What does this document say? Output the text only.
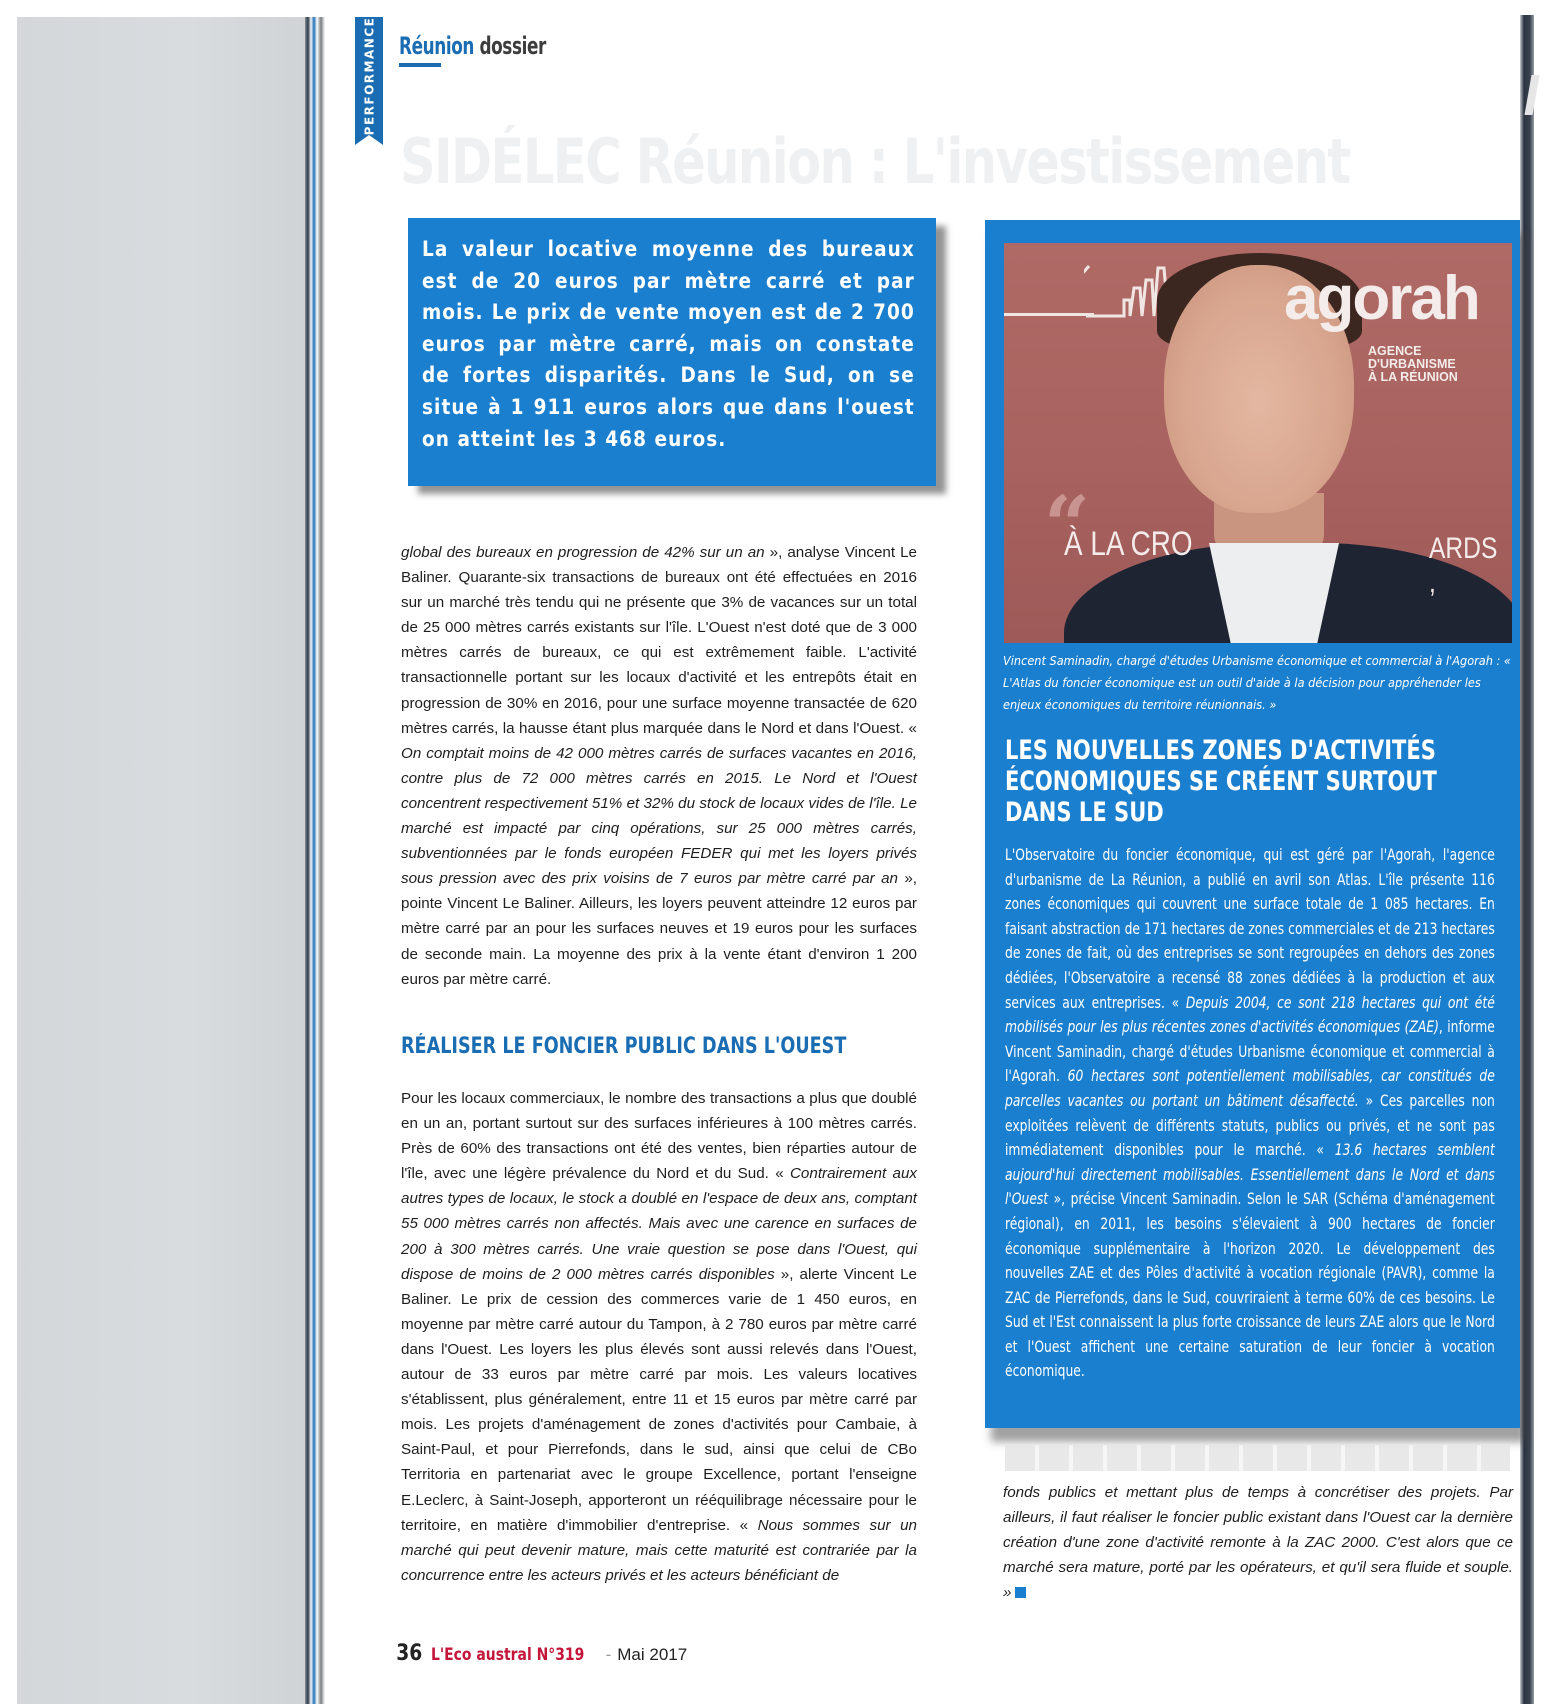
PERFORMANCE Réunion dossier
SIDÉLEC Réunion : L'investissement

La valeur locative moyenne des bureaux est de 20 euros par mètre carré et par mois. Le prix de vente moyen est de 2 700 euros par mètre carré, mais on constate de fortes disparités. Dans le Sud, on se situe à 1 911 euros alors que dans l'ouest on atteint les 3 468 euros.

global des bureaux en progression de 42% sur un an », analyse Vincent Le Baliner. Quarante-six transactions de bureaux ont été effectuées en 2016 sur un marché très tendu qui ne présente que 3% de vacances sur un total de 25 000 mètres carrés existants sur l'île. L'Ouest n'est doté que de 3 000 mètres carrés de bureaux, ce qui est extrêmement faible. L'activité transactionnelle portant sur les locaux d'activité et les entrepôts était en progression de 30% en 2016, pour une surface moyenne transactée de 620 mètres carrés, la hausse étant plus marquée dans le Nord et dans l'Ouest. « On comptait moins de 42 000 mètres carrés de surfaces vacantes en 2016, contre plus de 72 000 mètres carrés en 2015. Le Nord et l'Ouest concentrent respectivement 51% et 32% du stock de locaux vides de l'île. Le marché est impacté par cinq opérations, sur 25 000 mètres carrés, subventionnées par le fonds européen FEDER qui met les loyers privés sous pression avec des prix voisins de 7 euros par mètre carré par an », pointe Vincent Le Baliner. Ailleurs, les loyers peuvent atteindre 12 euros par mètre carré par an pour les surfaces neuves et 19 euros pour les surfaces de seconde main. La moyenne des prix à la vente étant d'environ 1 200 euros par mètre carré.

RÉALISER LE FONCIER PUBLIC DANS L'OUEST

Pour les locaux commerciaux, le nombre des transactions a plus que doublé en un an, portant surtout sur des surfaces inférieures à 100 mètres carrés. Près de 60% des transactions ont été des ventes, bien réparties autour de l'île, avec une légère prévalence du Nord et du Sud. « Contrairement aux autres types de locaux, le stock a doublé en l'espace de deux ans, comptant 55 000 mètres carrés non affectés. Mais avec une carence en surfaces de 200 à 300 mètres carrés. Une vraie question se pose dans l'Ouest, qui dispose de moins de 2 000 mètres carrés disponibles », alerte Vincent Le Baliner. Le prix de cession des commerces varie de 1 450 euros, en moyenne par mètre carré autour du Tampon, à 2 780 euros par mètre carré dans l'Ouest. Les loyers les plus élevés sont aussi relevés dans l'Ouest, autour de 33 euros par mètre carré par mois. Les valeurs locatives s'établissent, plus généralement, entre 11 et 15 euros par mètre carré par mois. Les projets d'aménagement de zones d'activités pour Cambaie, à Saint-Paul, et pour Pierrefonds, dans le sud, ainsi que celui de CBo Territoria en partenariat avec le groupe Excellence, portant l'enseigne E.Leclerc, à Saint-Joseph, apporteront un rééquilibrage nécessaire pour le territoire, en matière d'immobilier d'entreprise. « Nous sommes sur un marché qui peut devenir mature, mais cette maturité est contrariée par la concurrence entre les acteurs privés et les acteurs bénéficiant de

36 L'Eco austral N°319 - Mai 2017
agorah
AGENCE D'URBANISME
À LA RÉUNION
“
À LA CRO	ARDS ,
Vincent Saminadin, chargé d'études Urbanisme économique et commercial à l'Agorah : « L'Atlas du foncier économique est un outil d'aide à la décision pour appréhender les enjeux économiques du territoire réunionnais. »
LES NOUVELLES ZONES D'ACTIVITÉS ÉCONOMIQUES SE CRÉENT SURTOUT DANS LE SUD

L'Observatoire du foncier économique, qui est géré par l'Agorah, l'agence d'urbanisme de La Réunion, a publié en avril son Atlas. L'île présente 116 zones économiques qui couvrent une surface totale de 1 085 hectares. En faisant abstraction de 171 hectares de zones commerciales et de 213 hectares de zones de fait, où des entreprises se sont regroupées en dehors des zones dédiées, l'Observatoire a recensé 88 zones dédiées à la production et aux services aux entreprises. « Depuis 2004, ce sont 218 hectares qui ont été mobilisés pour les plus récentes zones d'activités économiques (ZAE), informe Vincent Saminadin, chargé d'études Urbanisme économique et commercial à l'Agorah. 60 hectares sont potentiellement mobilisables, car constitués de parcelles vacantes ou portant un bâtiment désaffecté. » Ces parcelles non exploitées relèvent de différents statuts, publics ou privés, et ne sont pas immédiatement disponibles pour le marché. « 13.6 hectares semblent aujourd'hui directement mobilisables. Essentiellement dans le Nord et dans l'Ouest », précise Vincent Saminadin. Selon le SAR (Schéma d'aménagement régional), en 2011, les besoins s'élevaient à 900 hectares de foncier économique supplémentaire à l'horizon 2020. Le développement des nouvelles ZAE et des Pôles d'activité à vocation régionale (PAVR), comme la ZAC de Pierrefonds, dans le Sud, couvriraient à terme 60% de ces besoins. Le Sud et l'Est connaissent la plus forte croissance de leurs ZAE alors que le Nord et l'Ouest affichent une certaine saturation de leur foncier à vocation économique.

fonds publics et mettant plus de temps à concrétiser des projets. Par ailleurs, il faut réaliser le foncier public existant dans l'Ouest car la dernière création d'une zone d'activité remonte à la ZAC 2000. C'est alors que ce marché sera mature, porté par les opérateurs, et qu'il sera fluide et souple. »
